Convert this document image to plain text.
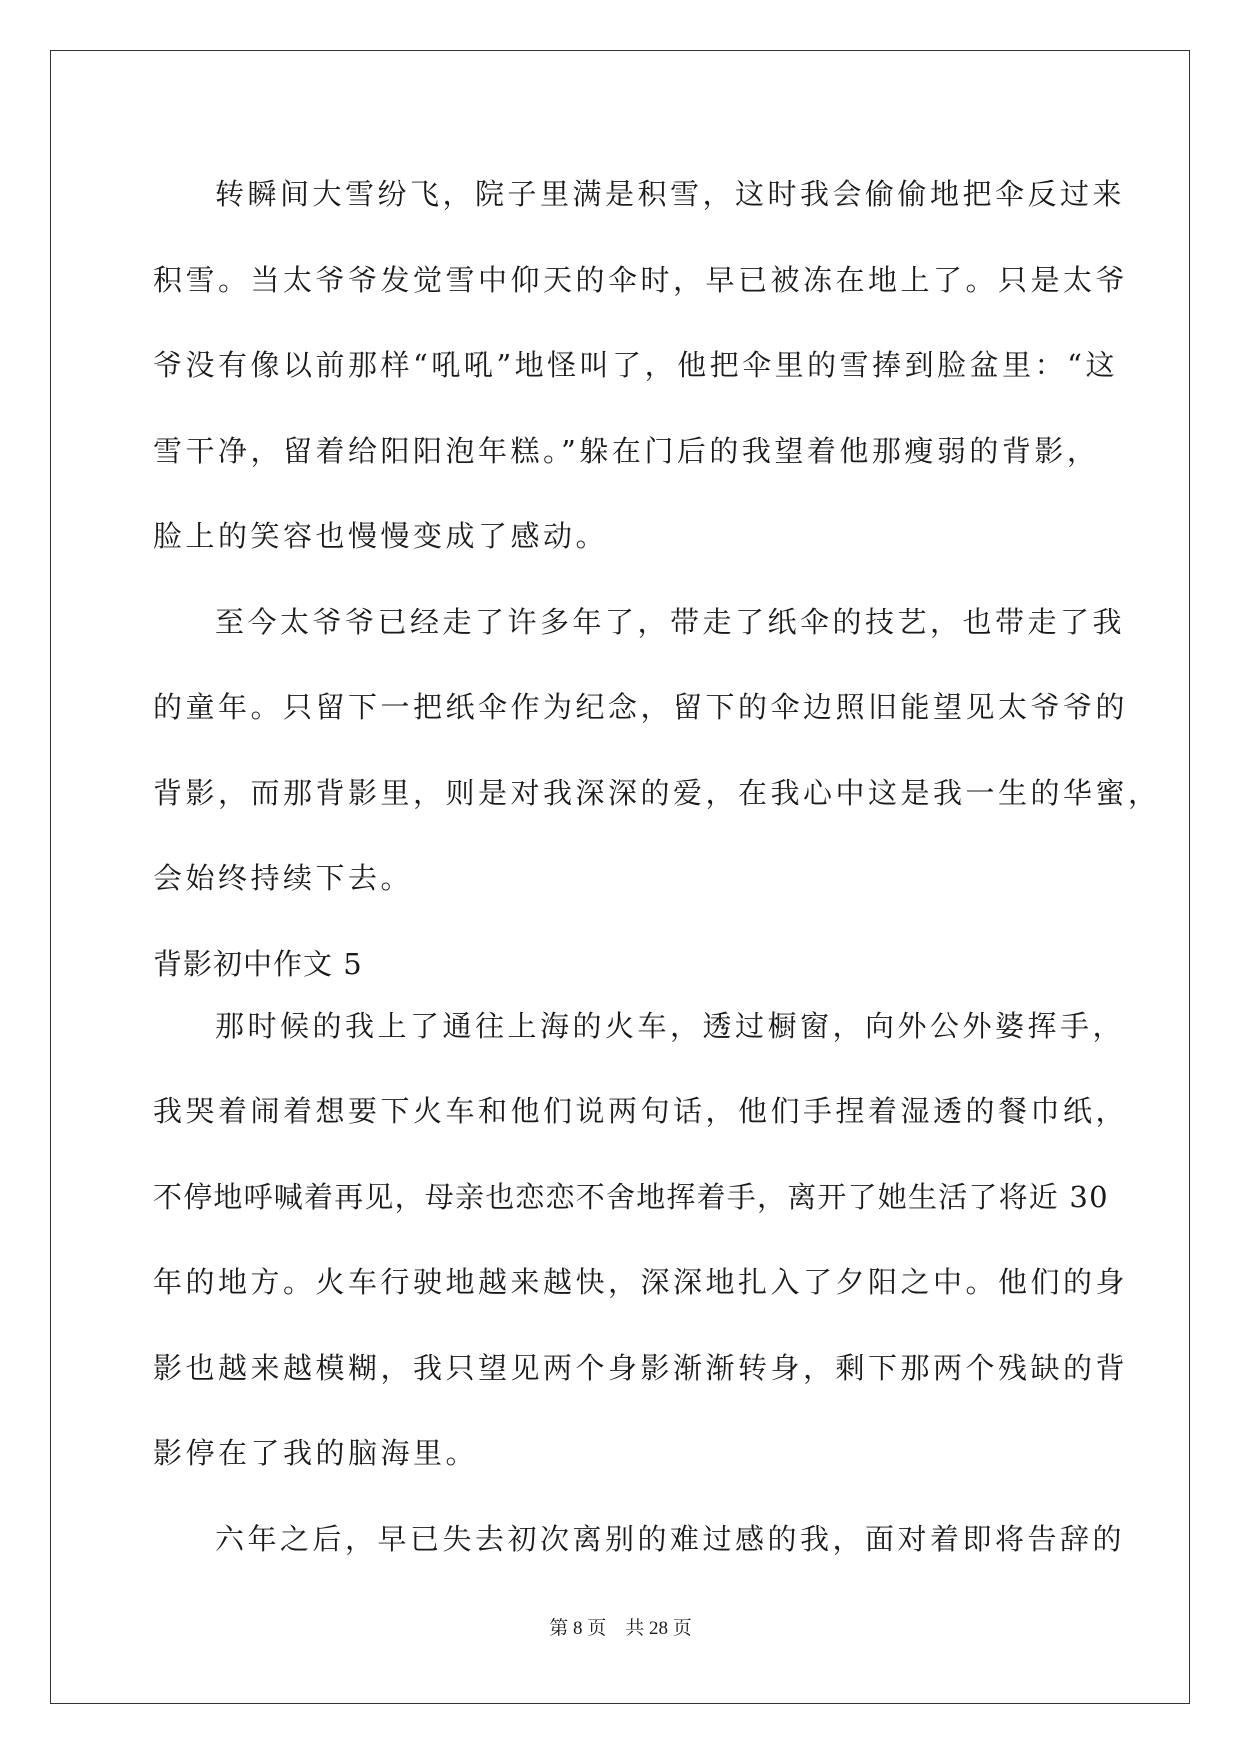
转瞬间大雪纷飞，院子里满是积雪，这时我会偷偷地把伞反过来
积雪。当太爷爷发觉雪中仰天的伞时，早已被冻在地上了。只是太爷
爷没有像以前那样“吼吼”地怪叫了，他把伞里的雪捧到脸盆里：“这
雪干净，留着给阳阳泡年糕。”躲在门后的我望着他那瘦弱的背影，
脸上的笑容也慢慢变成了感动。
至今太爷爷已经走了许多年了，带走了纸伞的技艺，也带走了我
的童年。只留下一把纸伞作为纪念，留下的伞边照旧能望见太爷爷的
背影，而那背影里，则是对我深深的爱，在我心中这是我一生的华蜜，
会始终持续下去。
背影初中作文 5
那时候的我上了通往上海的火车，透过橱窗，向外公外婆挥手，
我哭着闹着想要下火车和他们说两句话，他们手捏着湿透的餐巾纸，
不停地呼喊着再见，母亲也恋恋不舍地挥着手，离开了她生活了将近 30
年的地方。火车行驶地越来越快，深深地扎入了夕阳之中。他们的身
影也越来越模糊，我只望见两个身影渐渐转身，剩下那两个残缺的背
影停在了我的脑海里。
六年之后，早已失去初次离别的难过感的我，面对着即将告辞的
第 8 页 共 28 页
